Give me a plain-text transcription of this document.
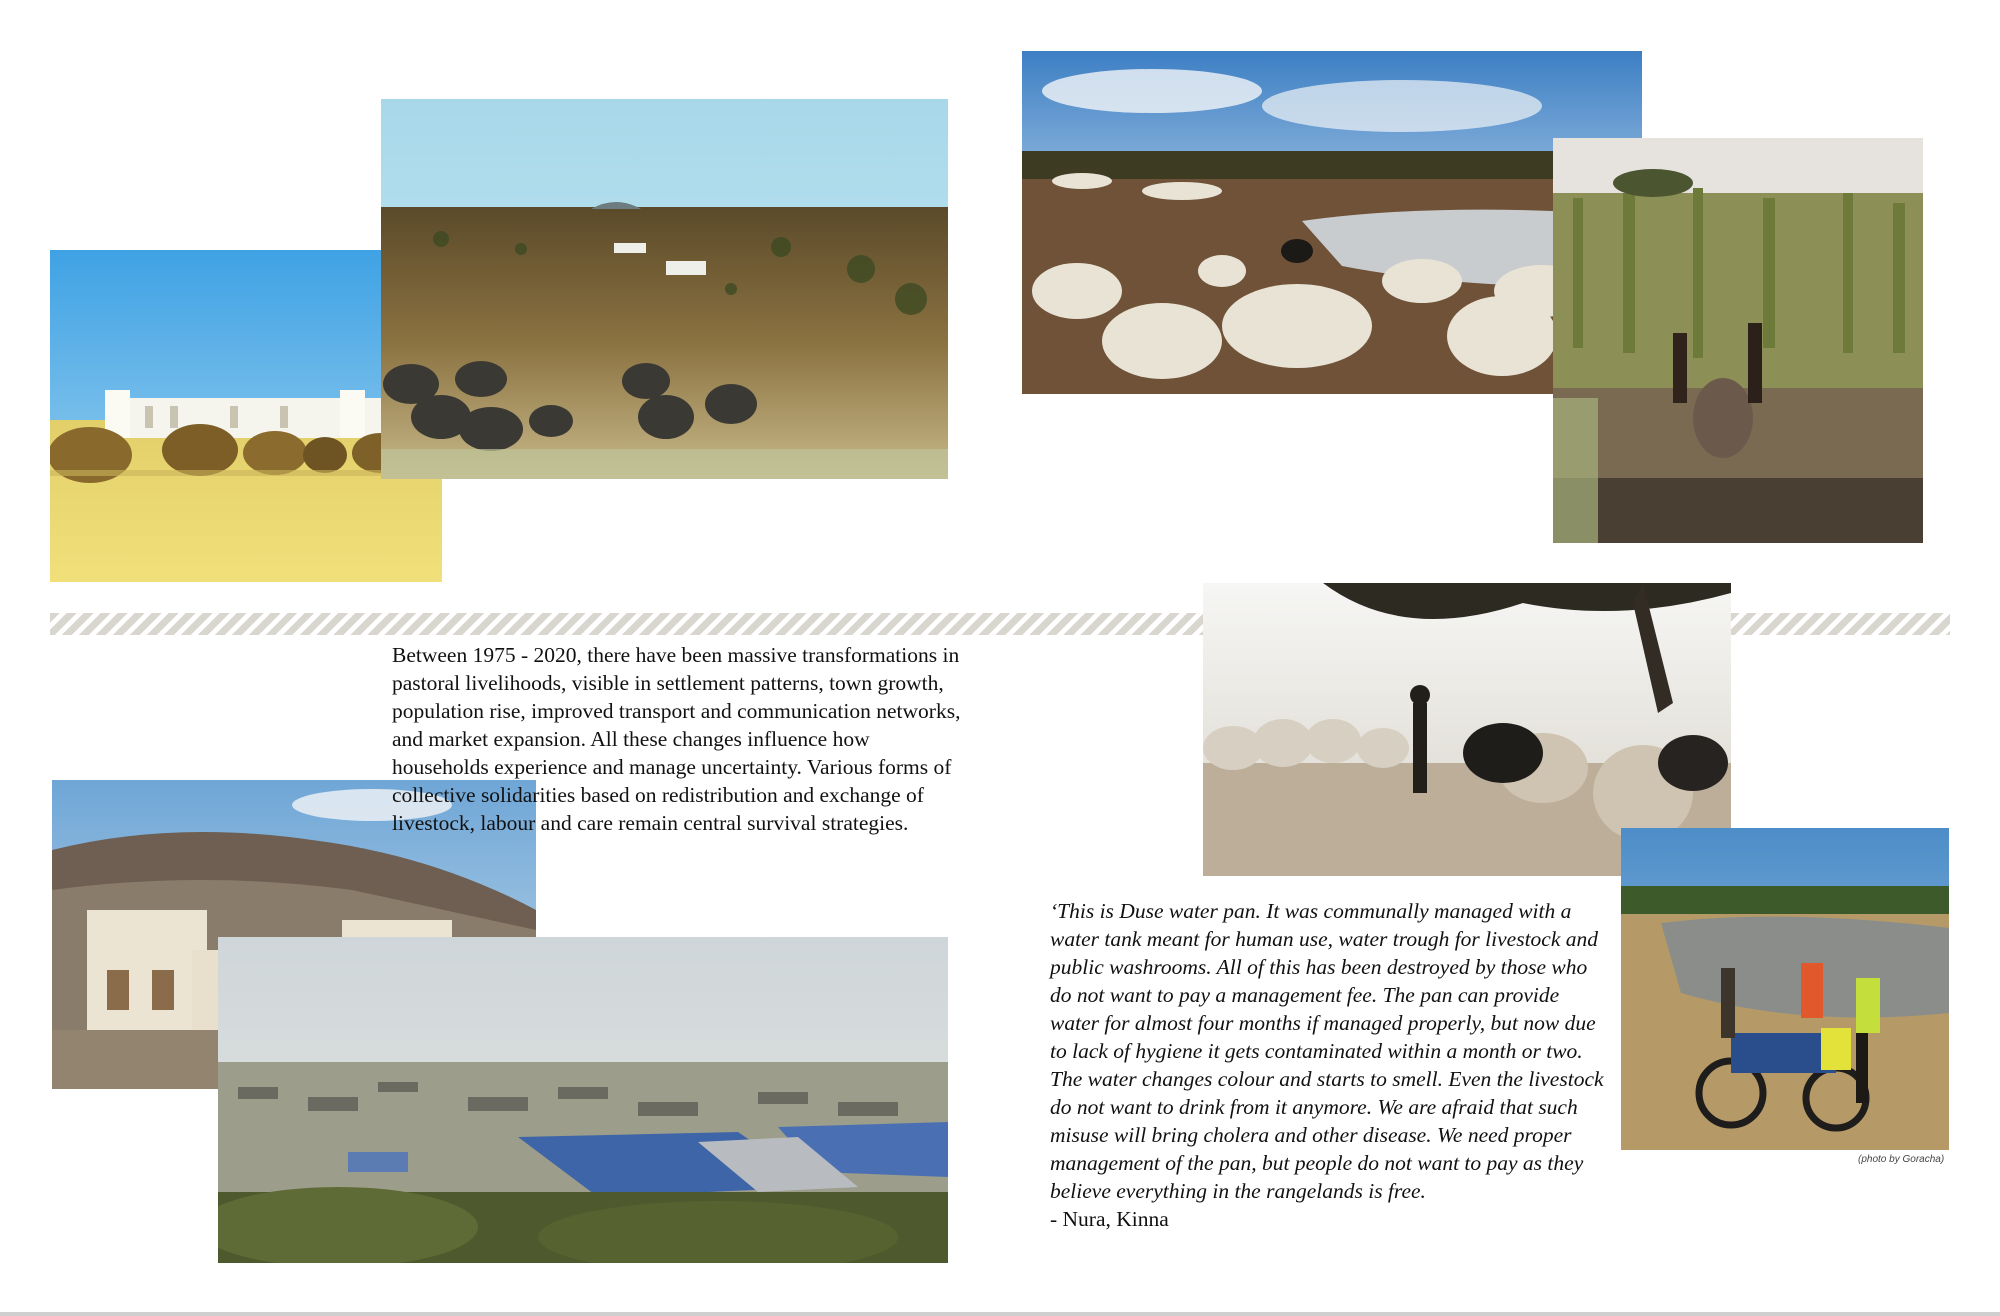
Between 1975 - 2020, there have been massive transformations in pastoral livelihoods, visible in settlement patterns, town growth, population rise, improved transport and communication networks, and market expansion. All these changes influence how households experience and manage uncertainty. Various forms of collective solidarities based on redistribution and exchange of livestock, labour and care remain central survival strategies.
‘This is Duse water pan. It was communally managed with a water tank meant for human use, water trough for livestock and public washrooms. All of this has been destroyed by those who do not want to pay a management fee. The pan can provide water for almost four months if managed properly, but now due to lack of hygiene it gets contaminated within a month or two. The water changes colour and starts to smell. Even the livestock do not want to drink from it anymore. We are afraid that such misuse will bring cholera and other disease. We need proper management of the pan, but people do not want to pay as they believe everything in the rangelands is free.
- Nura, Kinna
(photo by Goracha)
